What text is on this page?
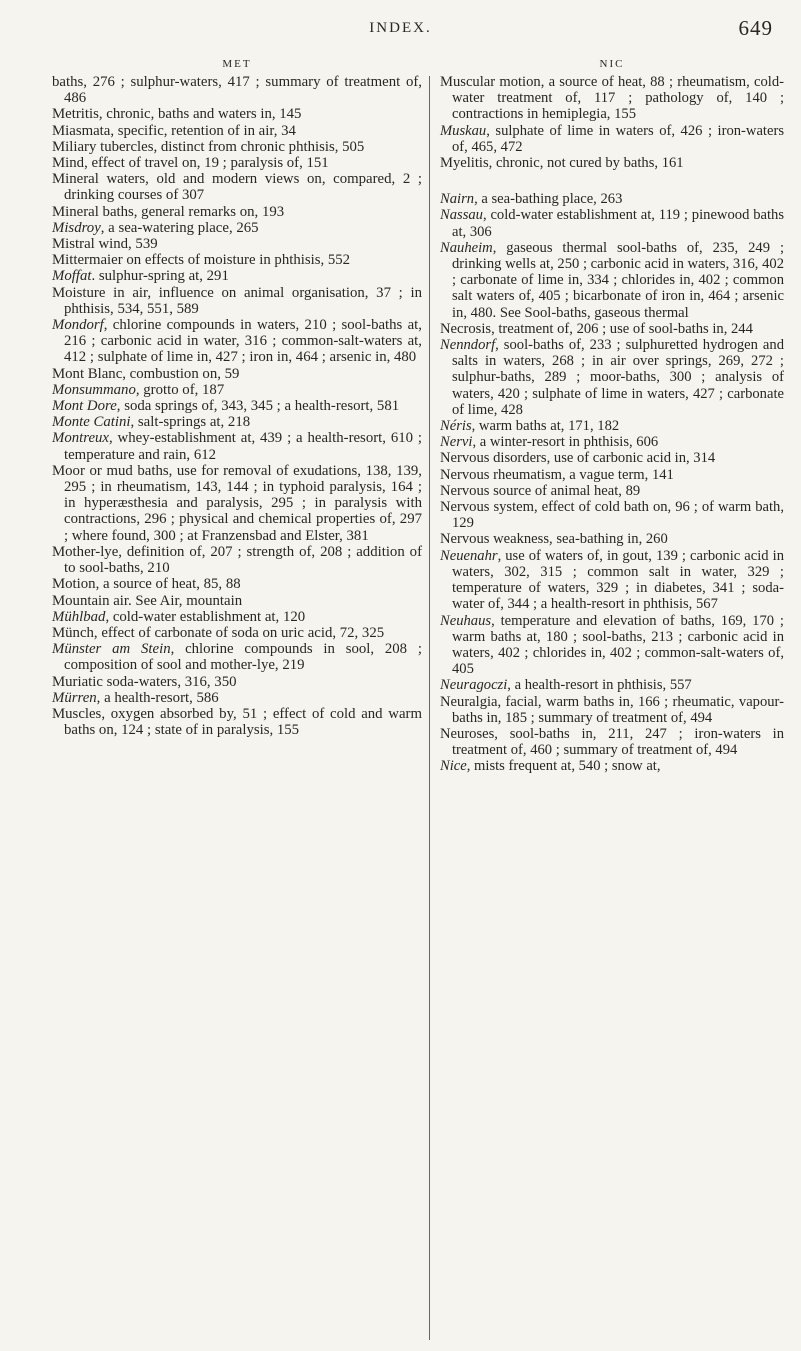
INDEX.	649
MET
baths, 276 ; sulphur-waters, 417 ; summary of treatment of, 486
Metritis, chronic, baths and waters in, 145
Miasmata, specific, retention of in air, 34
Miliary tubercles, distinct from chronic phthisis, 505
Mind, effect of travel on, 19 ; paralysis of, 151
Mineral waters, old and modern views on, compared, 2 ; drinking courses of 307
Mineral baths, general remarks on, 193
Misdroy, a sea-watering place, 265
Mistral wind, 539
Mittermaier on effects of moisture in phthisis, 552
Moffat. sulphur-spring at, 291
Moisture in air, influence on animal organisation, 37 ; in phthisis, 534, 551, 589
Mondorf, chlorine compounds in waters, 210 ; sool-baths at, 216 ; carbonic acid in water, 316 ; common-salt-waters at, 412 ; sulphate of lime in, 427 ; iron in, 464 ; arsenic in, 480
Mont Blanc, combustion on, 59
Monsummano, grotto of, 187
Mont Dore, soda springs of, 343, 345 ; a health-resort, 581
Monte Catini, salt-springs at, 218
Montreux, whey-establishment at, 439 ; a health-resort, 610 ; temperature and rain, 612
Moor or mud baths, use for removal of exudations, 138, 139, 295 ; in rheumatism, 143, 144 ; in typhoid paralysis, 164 ; in hyperæsthesia and paralysis, 295 ; in paralysis with contractions, 296 ; physical and chemical properties of, 297 ; where found, 300 ; at Franzensbad and Elster, 381
Mother-lye, definition of, 207 ; strength of, 208 ; addition of to sool-baths, 210
Motion, a source of heat, 85, 88
Mountain air. See Air, mountain
Mühlbad, cold-water establishment at, 120
Münch, effect of carbonate of soda on uric acid, 72, 325
Münster am Stein, chlorine compounds in sool, 208 ; composition of sool and mother-lye, 219
Muriatic soda-waters, 316, 350
Mürren, a health-resort, 586
Muscles, oxygen absorbed by, 51 ; effect of cold and warm baths on, 124 ; state of in paralysis, 155
NIC
Muscular motion, a source of heat, 88 ; rheumatism, cold-water treatment of, 117 ; pathology of, 140 ; contractions in hemiplegia, 155
Muskau, sulphate of lime in waters of, 426 ; iron-waters of, 465, 472
Myelitis, chronic, not cured by baths, 161
Nairn, a sea-bathing place, 263
Nassau, cold-water establishment at, 119 ; pinewood baths at, 306
Nauheim, gaseous thermal sool-baths of, 235, 249 ; drinking wells at, 250 ; carbonic acid in waters, 316, 402 ; carbonate of lime in, 334 ; chlorides in, 402 ; common salt waters of, 405 ; bicarbonate of iron in, 464 ; arsenic in, 480. See Sool-baths, gaseous thermal
Necrosis, treatment of, 206 ; use of sool-baths in, 244
Nenndorf, sool-baths of, 233 ; sulphuretted hydrogen and salts in waters, 268 ; in air over springs, 269, 272 ; sulphur-baths, 289 ; moor-baths, 300 ; analysis of waters, 420 ; sulphate of lime in waters, 427 ; carbonate of lime, 428
Néris, warm baths at, 171, 182
Nervi, a winter-resort in phthisis, 606
Nervous disorders, use of carbonic acid in, 314
Nervous rheumatism, a vague term, 141
Nervous source of animal heat, 89
Nervous system, effect of cold bath on, 96 ; of warm bath, 129
Nervous weakness, sea-bathing in, 260
Neuenahr, use of waters of, in gout, 139 ; carbonic acid in waters, 302, 315 ; common salt in water, 329 ; temperature of waters, 329 ; in diabetes, 341 ; soda-water of, 344 ; a health-resort in phthisis, 567
Neuhaus, temperature and elevation of baths, 169, 170 ; warm baths at, 180 ; sool-baths, 213 ; carbonic acid in waters, 402 ; chlorides in, 402 ; common-salt-waters of, 405
Neuragoczi, a health-resort in phthisis, 557
Neuralgia, facial, warm baths in, 166 ; rheumatic, vapour-baths in, 185 ; summary of treatment of, 494
Neuroses, sool-baths in, 211, 247 ; iron-waters in treatment of, 460 ; summary of treatment of, 494
Nice, mists frequent at, 540 ; snow at,
